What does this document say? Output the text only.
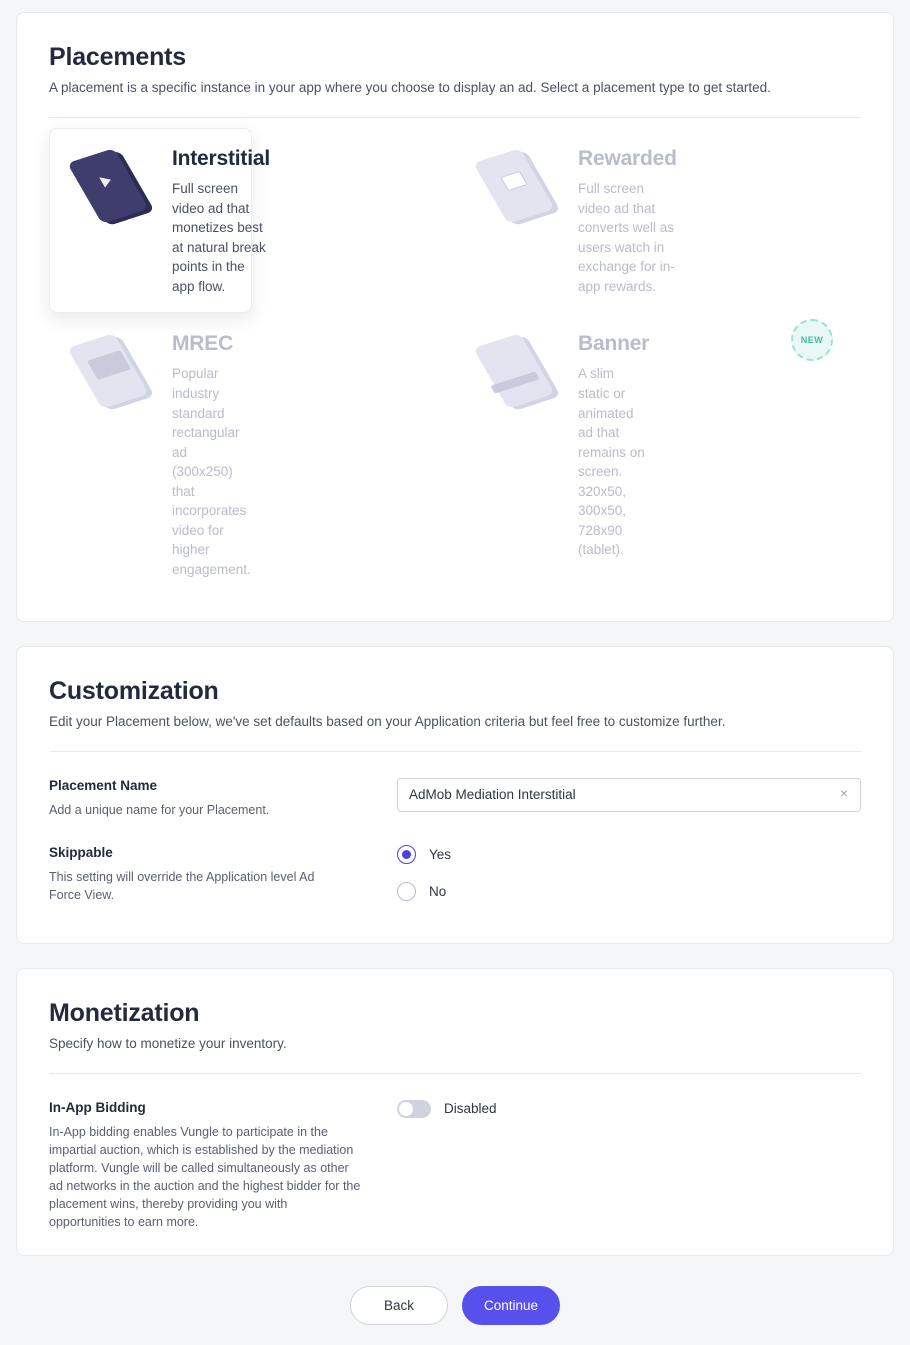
Placements

A placement is a specific instance in your app where you choose to display an ad. Select a placement type to get started.

Interstitial

Full screen video ad that monetizes best at natural break points in the app flow.

Rewarded

Full screen video ad that converts well as users watch in exchange for in-app rewards.

MREC

Popular industry standard rectangular ad (300x250) that incorporates video for higher engagement.

Banner

A slim static or animated ad that remains on screen. 320x50, 300x50, 728x90 (tablet).

NEW
Customization

Edit your Placement below, we've set defaults based on your Application criteria but feel free to customize further.

Placement Name

Add a unique name for your Placement.

AdMob Mediation Interstitial
×

Skippable

This setting will override the Application level Ad Force View.

Yes
No
Monetization

Specify how to monetize your inventory.

In-App Bidding

In-App bidding enables Vungle to participate in the impartial auction, which is established by the mediation platform. Vungle will be called simultaneously as other ad networks in the auction and the highest bidder for the placement wins, thereby providing you with opportunities to earn more.

Disabled
Back	Continue
